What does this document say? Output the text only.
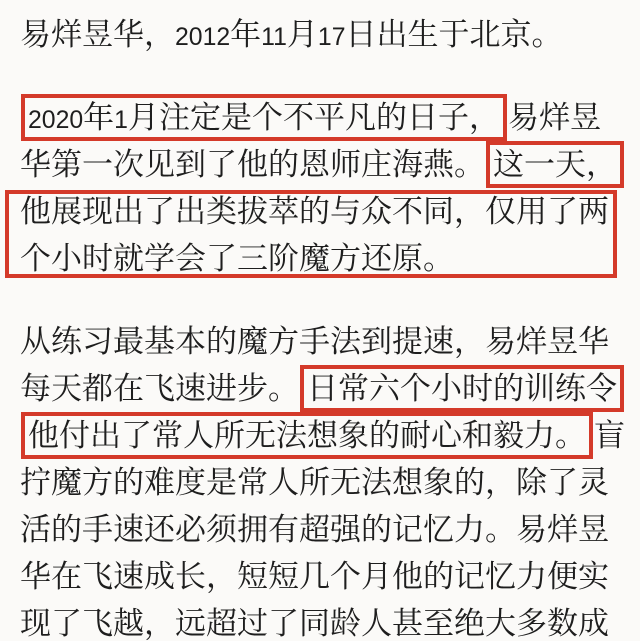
易烊昱华，2012年11月17日出生于北京。
2020年1月注定是个不平凡的日子， 易烊昱
华第一次见到了他的恩师庄海燕。 这一天，
他展现出了出类拔萃的与众不同，仅用了两
个小时就学会了三阶魔方还原。
从练习最基本的魔方手法到提速，易烊昱华
每天都在飞速进步。 日常六个小时的训练令
他付出了常人所无法想象的耐心和毅力。 盲
拧魔方的难度是常人所无法想象的，除了灵
活的手速还必须拥有超强的记忆力。易烊昱
华在飞速成长，短短几个月他的记忆力便实
现了飞越，远超过了同龄人甚至绝大多数成
